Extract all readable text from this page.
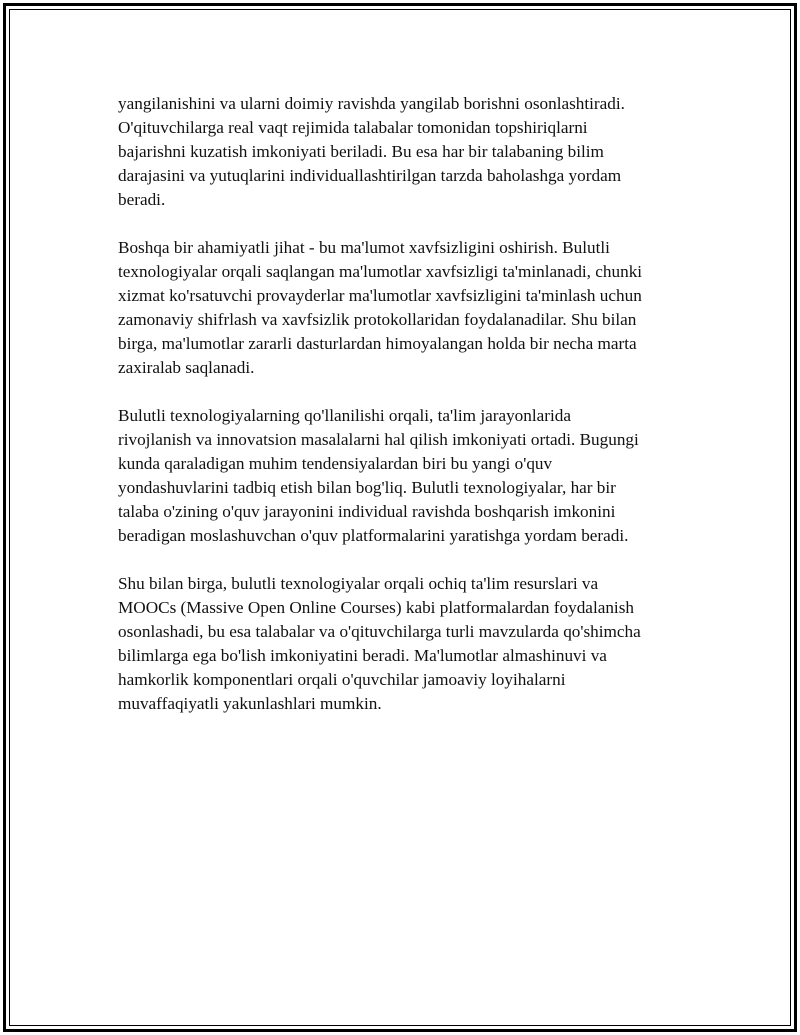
yangilanishini va ularni doimiy ravishda yangilab borishni osonlashtiradi.
O'qituvchilarga real vaqt rejimida talabalar tomonidan topshiriqlarni
bajarishni kuzatish imkoniyati beriladi. Bu esa har bir talabaning bilim
darajasini va yutuqlarini individuallashtirilgan tarzda baholashga yordam
beradi.

Boshqa bir ahamiyatli jihat - bu ma'lumot xavfsizligini oshirish. Bulutli
texnologiyalar orqali saqlangan ma'lumotlar xavfsizligi ta'minlanadi, chunki
xizmat ko'rsatuvchi provayderlar ma'lumotlar xavfsizligini ta'minlash uchun
zamonaviy shifrlash va xavfsizlik protokollaridan foydalanadilar. Shu bilan
birga, ma'lumotlar zararli dasturlardan himoyalangan holda bir necha marta
zaxiralab saqlanadi.

Bulutli texnologiyalarning qo'llanilishi orqali, ta'lim jarayonlarida
rivojlanish va innovatsion masalalarni hal qilish imkoniyati ortadi. Bugungi
kunda qaraladigan muhim tendensiyalardan biri bu yangi o'quv
yondashuvlarini tadbiq etish bilan bog'liq. Bulutli texnologiyalar, har bir
talaba o'zining o'quv jarayonini individual ravishda boshqarish imkonini
beradigan moslashuvchan o'quv platformalarini yaratishga yordam beradi.

Shu bilan birga, bulutli texnologiyalar orqali ochiq ta'lim resurslari va
MOOCs (Massive Open Online Courses) kabi platformalardan foydalanish
osonlashadi, bu esa talabalar va o'qituvchilarga turli mavzularda qo'shimcha
bilimlarga ega bo'lish imkoniyatini beradi. Ma'lumotlar almashinuvi va
hamkorlik komponentlari orqali o'quvchilar jamoaviy loyihalarni
muvaffaqiyatli yakunlashlari mumkin.
